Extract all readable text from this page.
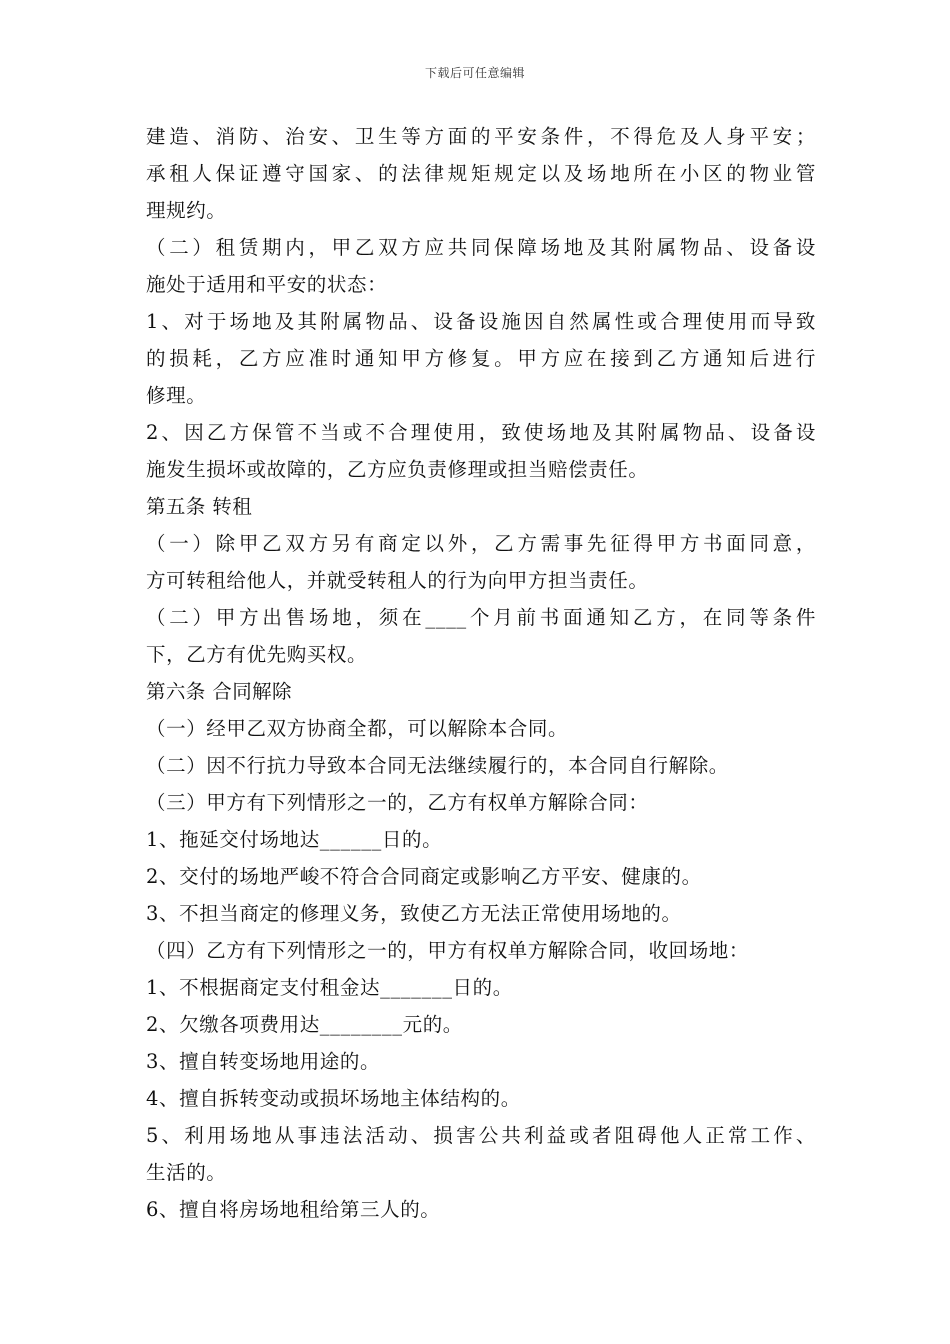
下载后可任意编辑
建造、消防、治安、卫生等方面的平安条件，不得危及人身平安；
承租人保证遵守国家、的法律规矩规定以及场地所在小区的物业管
理规约。
（二）租赁期内，甲乙双方应共同保障场地及其附属物品、设备设
施处于适用和平安的状态：
1、对于场地及其附属物品、设备设施因自然属性或合理使用而导致
的损耗，乙方应准时通知甲方修复。甲方应在接到乙方通知后进行
修理。
2、因乙方保管不当或不合理使用，致使场地及其附属物品、设备设
施发生损坏或故障的，乙方应负责修理或担当赔偿责任。
第五条 转租
（一）除甲乙双方另有商定以外，乙方需事先征得甲方书面同意，
方可转租给他人，并就受转租人的行为向甲方担当责任。
（二）甲方出售场地，须在____个月前书面通知乙方，在同等条件
下，乙方有优先购买权。
第六条 合同解除
（一）经甲乙双方协商全都，可以解除本合同。
（二）因不行抗力导致本合同无法继续履行的，本合同自行解除。
（三）甲方有下列情形之一的，乙方有权单方解除合同：
1、拖延交付场地达______日的。
2、交付的场地严峻不符合合同商定或影响乙方平安、健康的。
3、不担当商定的修理义务，致使乙方无法正常使用场地的。
（四）乙方有下列情形之一的，甲方有权单方解除合同，收回场地：
1、不根据商定支付租金达_______日的。
2、欠缴各项费用达________元的。
3、擅自转变场地用途的。
4、擅自拆转变动或损坏场地主体结构的。
5、利用场地从事违法活动、损害公共利益或者阻碍他人正常工作、
生活的。
6、擅自将房场地租给第三人的。
